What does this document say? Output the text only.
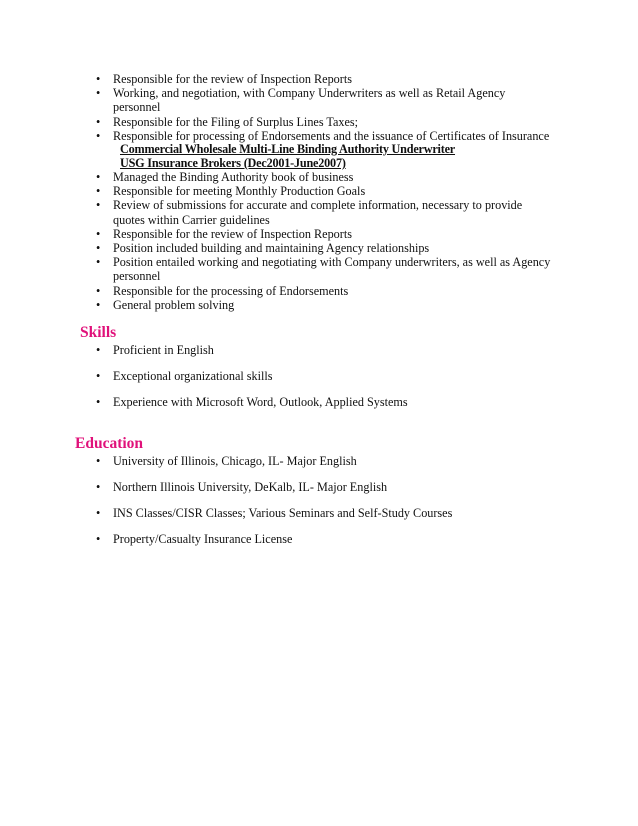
• Responsible for the review of Inspection Reports
• Working, and negotiation, with Company Underwriters as well as Retail Agency personnel
• Responsible for the Filing of Surplus Lines Taxes;
• Responsible for processing of Endorsements and the issuance of Certificates of Insurance
Commercial Wholesale Multi-Line Binding Authority Underwriter
USG Insurance Brokers (Dec2001-June2007)
• Managed the Binding Authority book of business
• Responsible for meeting Monthly Production Goals
• Review of submissions for accurate and complete information, necessary to provide quotes within Carrier guidelines
• Responsible for the review of Inspection Reports
• Position included building and maintaining Agency relationships
• Position entailed working and negotiating with Company underwriters, as well as Agency personnel
• Responsible for the processing of Endorsements
• General problem solving
Skills
• Proficient in English
• Exceptional organizational skills
• Experience with Microsoft Word, Outlook, Applied Systems
Education
• University of Illinois, Chicago, IL- Major English
• Northern Illinois University, DeKalb, IL- Major English
• INS Classes/CISR Classes; Various Seminars and Self-Study Courses
• Property/Casualty Insurance License
